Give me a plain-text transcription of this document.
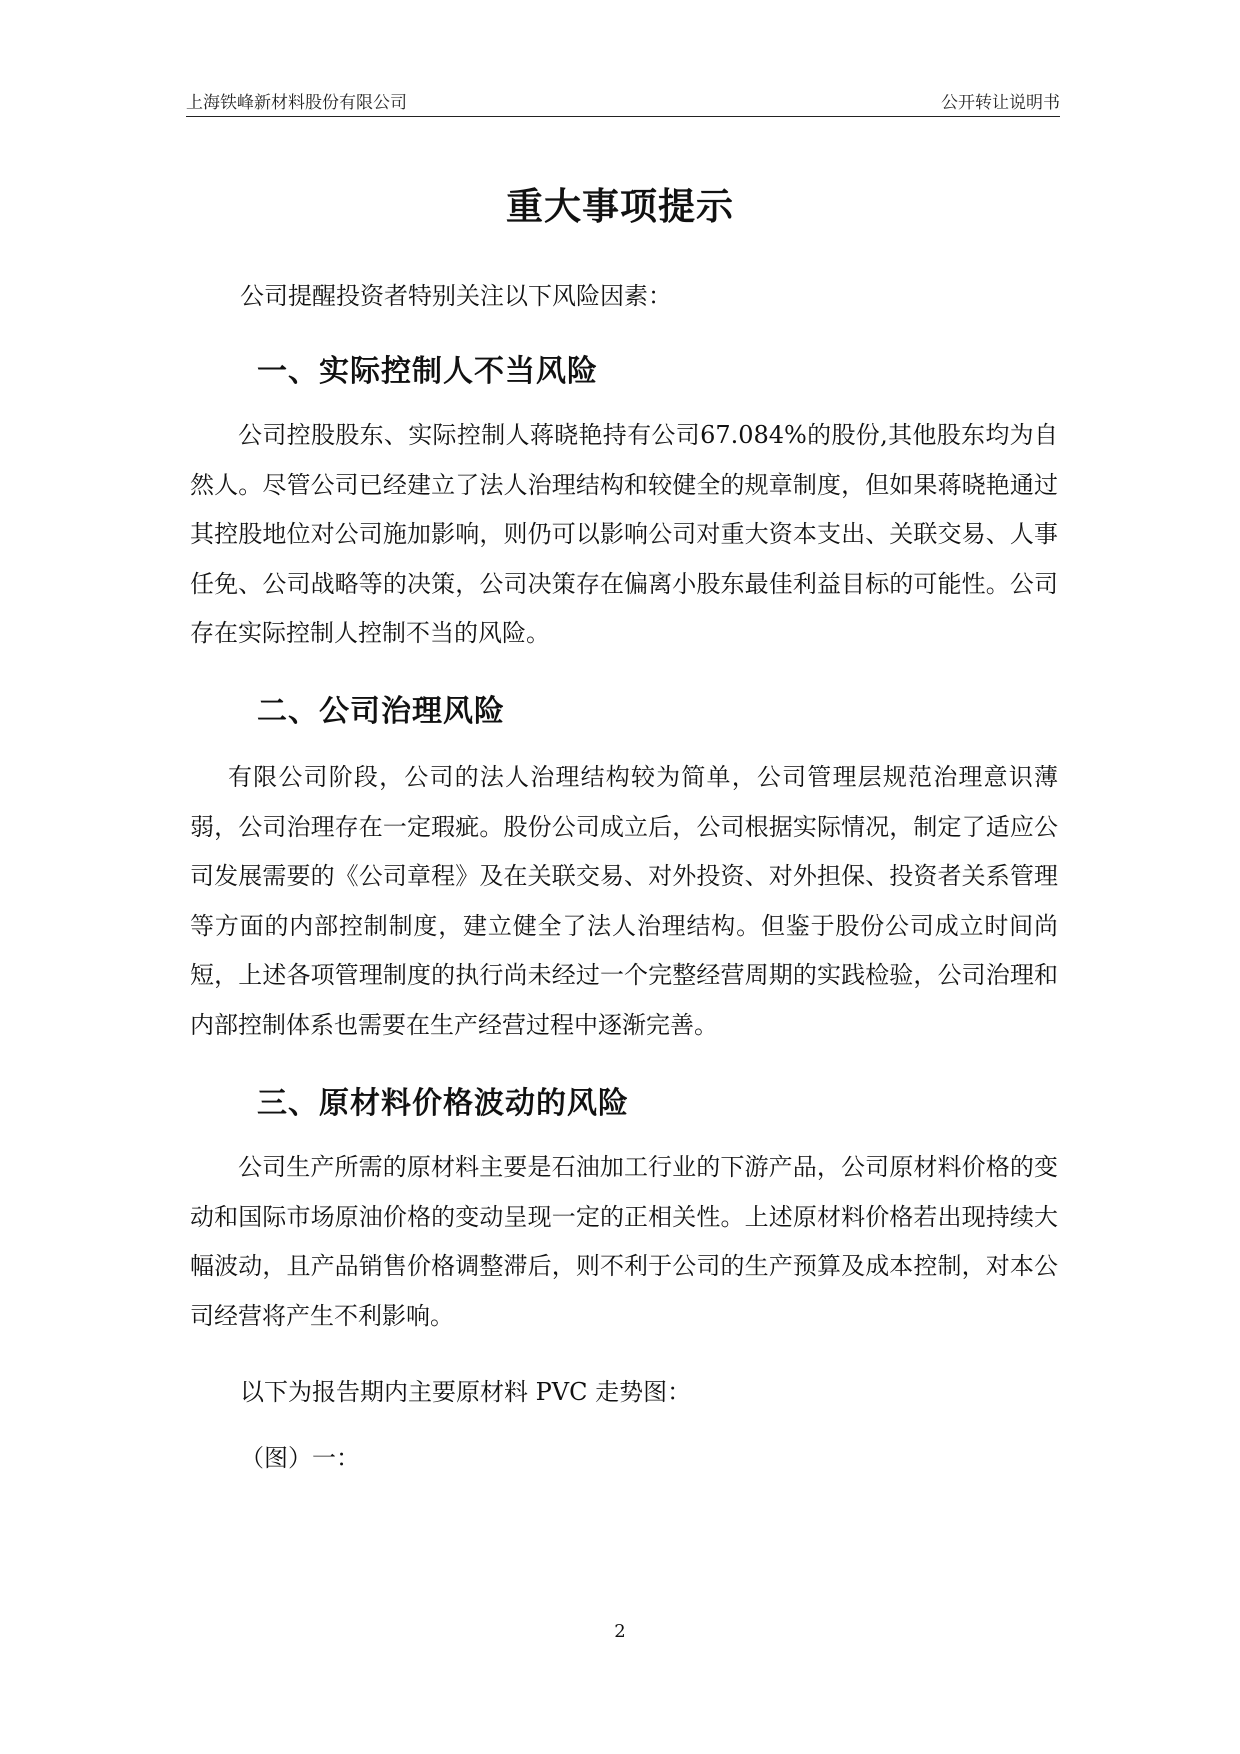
上海铁峰新材料股份有限公司	公开转让说明书
重大事项提示
公司提醒投资者特别关注以下风险因素：
一、实际控制人不当风险

公司控股股东、实际控制人蒋晓艳持有公司67.084%的股份,其他股东均为自然人。尽管公司已经建立了法人治理结构和较健全的规章制度，但如果蒋晓艳通过其控股地位对公司施加影响，则仍可以影响公司对重大资本支出、关联交易、人事任免、公司战略等的决策，公司决策存在偏离小股东最佳利益目标的可能性。公司存在实际控制人控制不当的风险。

二、公司治理风险

有限公司阶段，公司的法人治理结构较为简单，公司管理层规范治理意识薄弱，公司治理存在一定瑕疵。股份公司成立后，公司根据实际情况，制定了适应公司发展需要的《公司章程》及在关联交易、对外投资、对外担保、投资者关系管理等方面的内部控制制度，建立健全了法人治理结构。但鉴于股份公司成立时间尚短，上述各项管理制度的执行尚未经过一个完整经营周期的实践检验，公司治理和内部控制体系也需要在生产经营过程中逐渐完善。

三、原材料价格波动的风险

公司生产所需的原材料主要是石油加工行业的下游产品，公司原材料价格的变动和国际市场原油价格的变动呈现一定的正相关性。上述原材料价格若出现持续大幅波动，且产品销售价格调整滞后，则不利于公司的生产预算及成本控制，对本公司经营将产生不利影响。

以下为报告期内主要原材料 PVC 走势图：
（图）一：
2
